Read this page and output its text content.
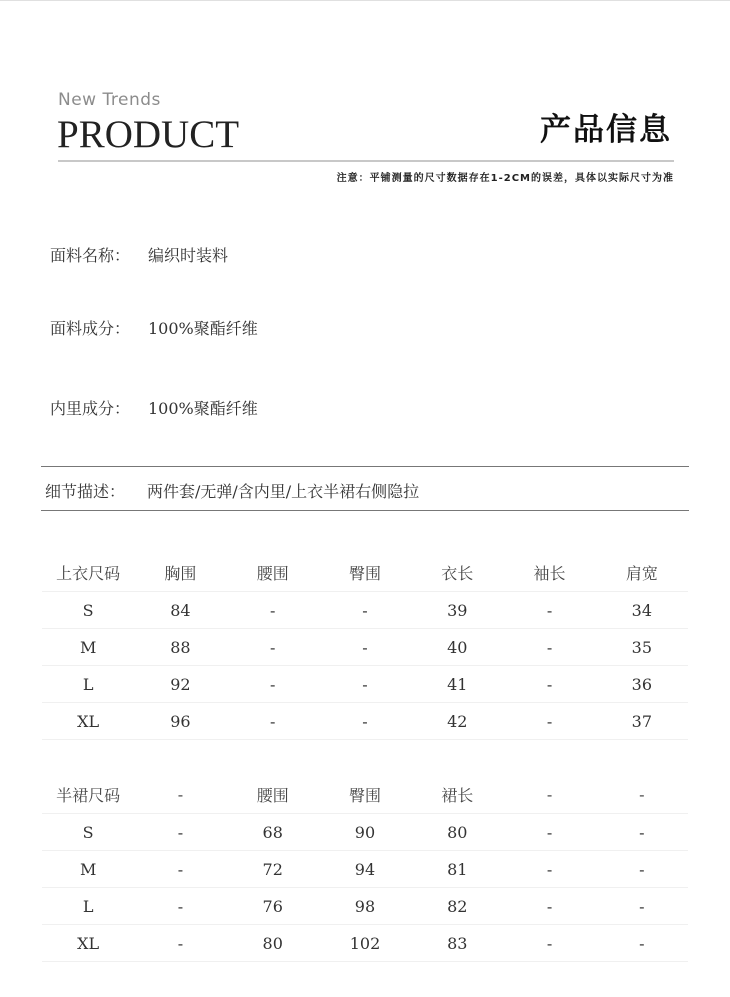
New Trends
PRODUCT	产品信息
注意：平铺测量的尺寸数据存在1-2CM的误差，具体以实际尺寸为准
面料名称： 编织时装料
面料成分： 100%聚酯纤维
内里成分： 100%聚酯纤维
细节描述： 两件套/无弹/含内里/上衣半裙右侧隐拉
上衣尺码	胸围	腰围	臀围	衣长	袖长	肩宽
S	84	-	-	39	-	34
M	88	-	-	40	-	35
L	92	-	-	41	-	36
XL	96	-	-	42	-	37
半裙尺码	-	腰围	臀围	裙长	-	-
S	-	68	90	80	-	-
M	-	72	94	81	-	-
L	-	76	98	82	-	-
XL	-	80	102	83	-	-
